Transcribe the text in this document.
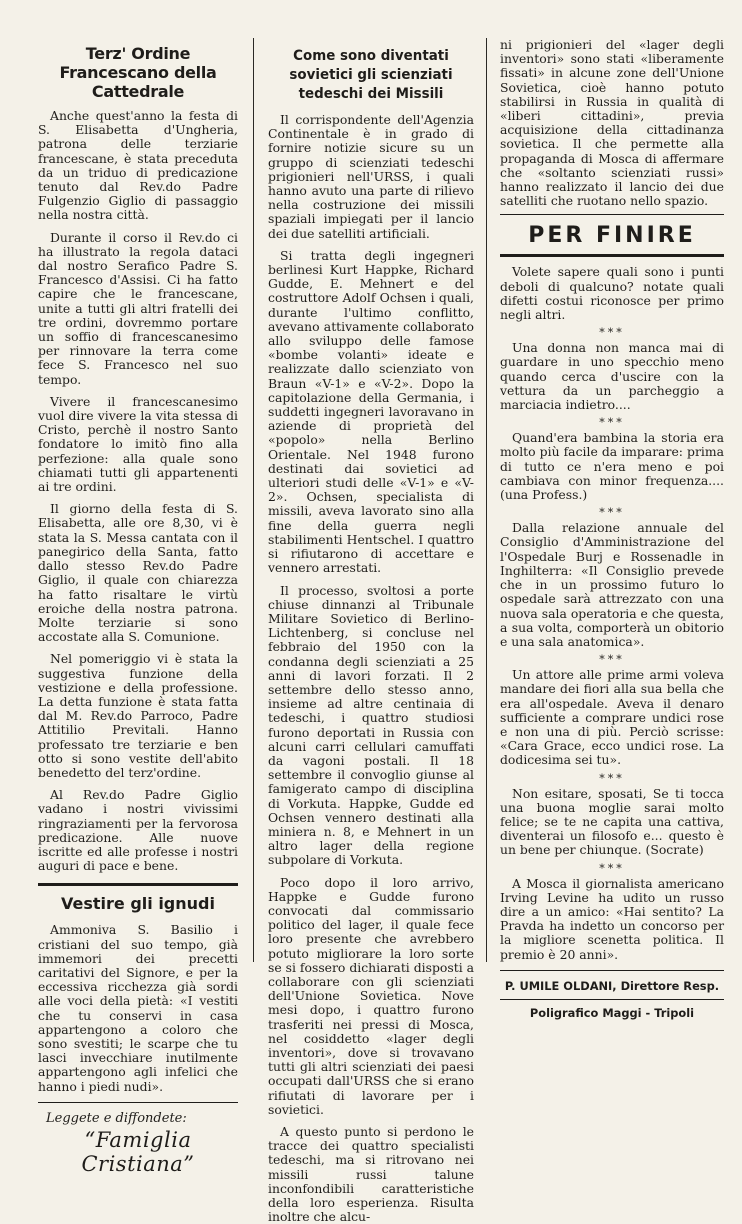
Terz' Ordine Francescano della Cattedrale

Anche quest'anno la festa di S. Elisabetta d'Ungheria, patrona delle terziarie francescane, è stata preceduta da un triduo di predicazione tenuto dal Rev.do Padre Fulgenzio Giglio di passaggio nella nostra città.

Durante il corso il Rev.do ci ha illustrato la regola dataci dal nostro Serafico Padre S. Francesco d'Assisi. Ci ha fatto capire che le francescane, unite a tutti gli altri fratelli dei tre ordini, dovremmo portare un soffio di francescanesimo per rinnovare la terra come fece S. Francesco nel suo tempo.

Vivere il francescanesimo vuol dire vivere la vita stessa di Cristo, perchè il nostro Santo fondatore lo imitò fino alla perfezione: alla quale sono chiamati tutti gli appartenenti ai tre ordini.

Il giorno della festa di S. Elisabetta, alle ore 8,30, vi è stata la S. Messa cantata con il panegirico della Santa, fatto dallo stesso Rev.do Padre Giglio, il quale con chiarezza ha fatto risaltare le virtù eroiche della nostra patrona. Molte terziarie si sono accostate alla S. Comunione.

Nel pomeriggio vi è stata la suggestiva funzione della vestizione e della professione. La detta funzione è stata fatta dal M. Rev.do Parroco, Padre Attitilio Previtali. Hanno professato tre terziarie e ben otto si sono vestite dell'abito benedetto del terz'ordine.

Al Rev.do Padre Giglio vadano i nostri vivissimi ringraziamenti per la fervorosa predicazione. Alle nuove iscritte ed alle professe i nostri auguri di pace e bene.

Vestire gli ignudi

Ammoniva S. Basilio i cristiani del suo tempo, già immemori dei precetti caritativi del Signore, e per la eccessiva ricchezza già sordi alle voci della pietà: «I vestiti che tu conservi in casa appartengono a coloro che sono svestiti; le scarpe che tu lasci invecchiare inutilmente appartengono agli infelici che hanno i piedi nudi».

Leggete e diffondete:
“Famiglia Cristiana”
Come sono diventati sovietici gli scienziati tedeschi dei Missili

Il corrispondente dell'Agenzia Continentale è in grado di fornire notizie sicure su un gruppo di scienziati tedeschi prigionieri nell'URSS, i quali hanno avuto una parte di rilievo nella costruzione dei missili spaziali impiegati per il lancio dei due satelliti artificiali.

Si tratta degli ingegneri berlinesi Kurt Happke, Richard Gudde, E. Mehnert e del costruttore Adolf Ochsen i quali, durante l'ultimo conflitto, avevano attivamente collaborato allo sviluppo delle famose «bombe volanti» ideate e realizzate dallo scienziato von Braun «V-1» e «V-2». Dopo la capitolazione della Germania, i suddetti ingegneri lavoravano in aziende di proprietà del «popolo» nella Berlino Orientale. Nel 1948 furono destinati dai sovietici ad ulteriori studi delle «V-1» e «V-2». Ochsen, specialista di missili, aveva lavorato sino alla fine della guerra negli stabilimenti Hentschel. I quattro si rifiutarono di accettare e vennero arrestati.

Il processo, svoltosi a porte chiuse dinnanzi al Tribunale Militare Sovietico di Berlino-Lichtenberg, si concluse nel febbraio del 1950 con la condanna degli scienziati a 25 anni di lavori forzati. Il 2 settembre dello stesso anno, insieme ad altre centinaia di tedeschi, i quattro studiosi furono deportati in Russia con alcuni carri cellulari camuffati da vagoni postali. Il 18 settembre il convoglio giunse al famigerato campo di disciplina di Vorkuta. Happke, Gudde ed Ochsen vennero destinati alla miniera n. 8, e Mehnert in un altro lager della regione subpolare di Vorkuta.

Poco dopo il loro arrivo, Happke e Gudde furono convocati dal commissario politico del lager, il quale fece loro presente che avrebbero potuto migliorare la loro sorte se si fossero dichiarati disposti a collaborare con gli scienziati dell'Unione Sovietica. Nove mesi dopo, i quattro furono trasferiti nei pressi di Mosca, nel cosiddetto «lager degli inventori», dove si trovavano tutti gli altri scienziati dei paesi occupati dall'URSS che si erano rifiutati di lavorare per i sovietici.

A questo punto si perdono le tracce dei quattro specialisti tedeschi, ma si ritrovano nei missili russi talune inconfondibili caratteristiche della loro esperienza. Risulta inoltre che alcu-

ni prigionieri del «lager degli inventori» sono stati «liberamente fissati» in alcune zone dell'Unione Sovietica, cioè hanno potuto stabilirsi in Russia in qualità di «liberi cittadini», previa acquisizione della cittadinanza sovietica. Il che permette alla propaganda di Mosca di affermare che «soltanto scienziati russi» hanno realizzato il lancio dei due satelliti che ruotano nello spazio.

PER FINIRE

Volete sapere quali sono i punti deboli di qualcuno? notate quali difetti costui riconosce per primo negli altri.

***

Una donna non manca mai di guardare in uno specchio meno quando cerca d'uscire con la vettura da un parcheggio a marciacia indietro....

***

Quand'era bambina la storia era molto più facile da imparare: prima di tutto ce n'era meno e poi cambiava con minor frequenza.... (una Profess.)

***

Dalla relazione annuale del Consiglio d'Amministrazione del l'Ospedale Burj e Rossenadle in Inghilterra: «Il Consiglio prevede che in un prossimo futuro lo ospedale sarà attrezzato con una nuova sala operatoria e che questa, a sua volta, comporterà un obitorio e una sala anatomica».

***

Un attore alle prime armi voleva mandare dei fiori alla sua bella che era all'ospedale. Aveva il denaro sufficiente a comprare undici rose e non una di più. Perciò scrisse: «Cara Grace, ecco undici rose. La dodicesima sei tu».

***

Non esitare, sposati, Se ti tocca una buona moglie sarai molto felice; se te ne capita una cattiva, diventerai un filosofo e... questo è un bene per chiunque. (Socrate)

***

A Mosca il giornalista americano Irving Levine ha udito un russo dire a un amico: «Hai sentito? La Pravda ha indetto un concorso per la migliore scenetta politica. Il premio è 20 anni».

P. UMILE OLDANI, Direttore Resp.
Poligrafico Maggi - Tripoli
